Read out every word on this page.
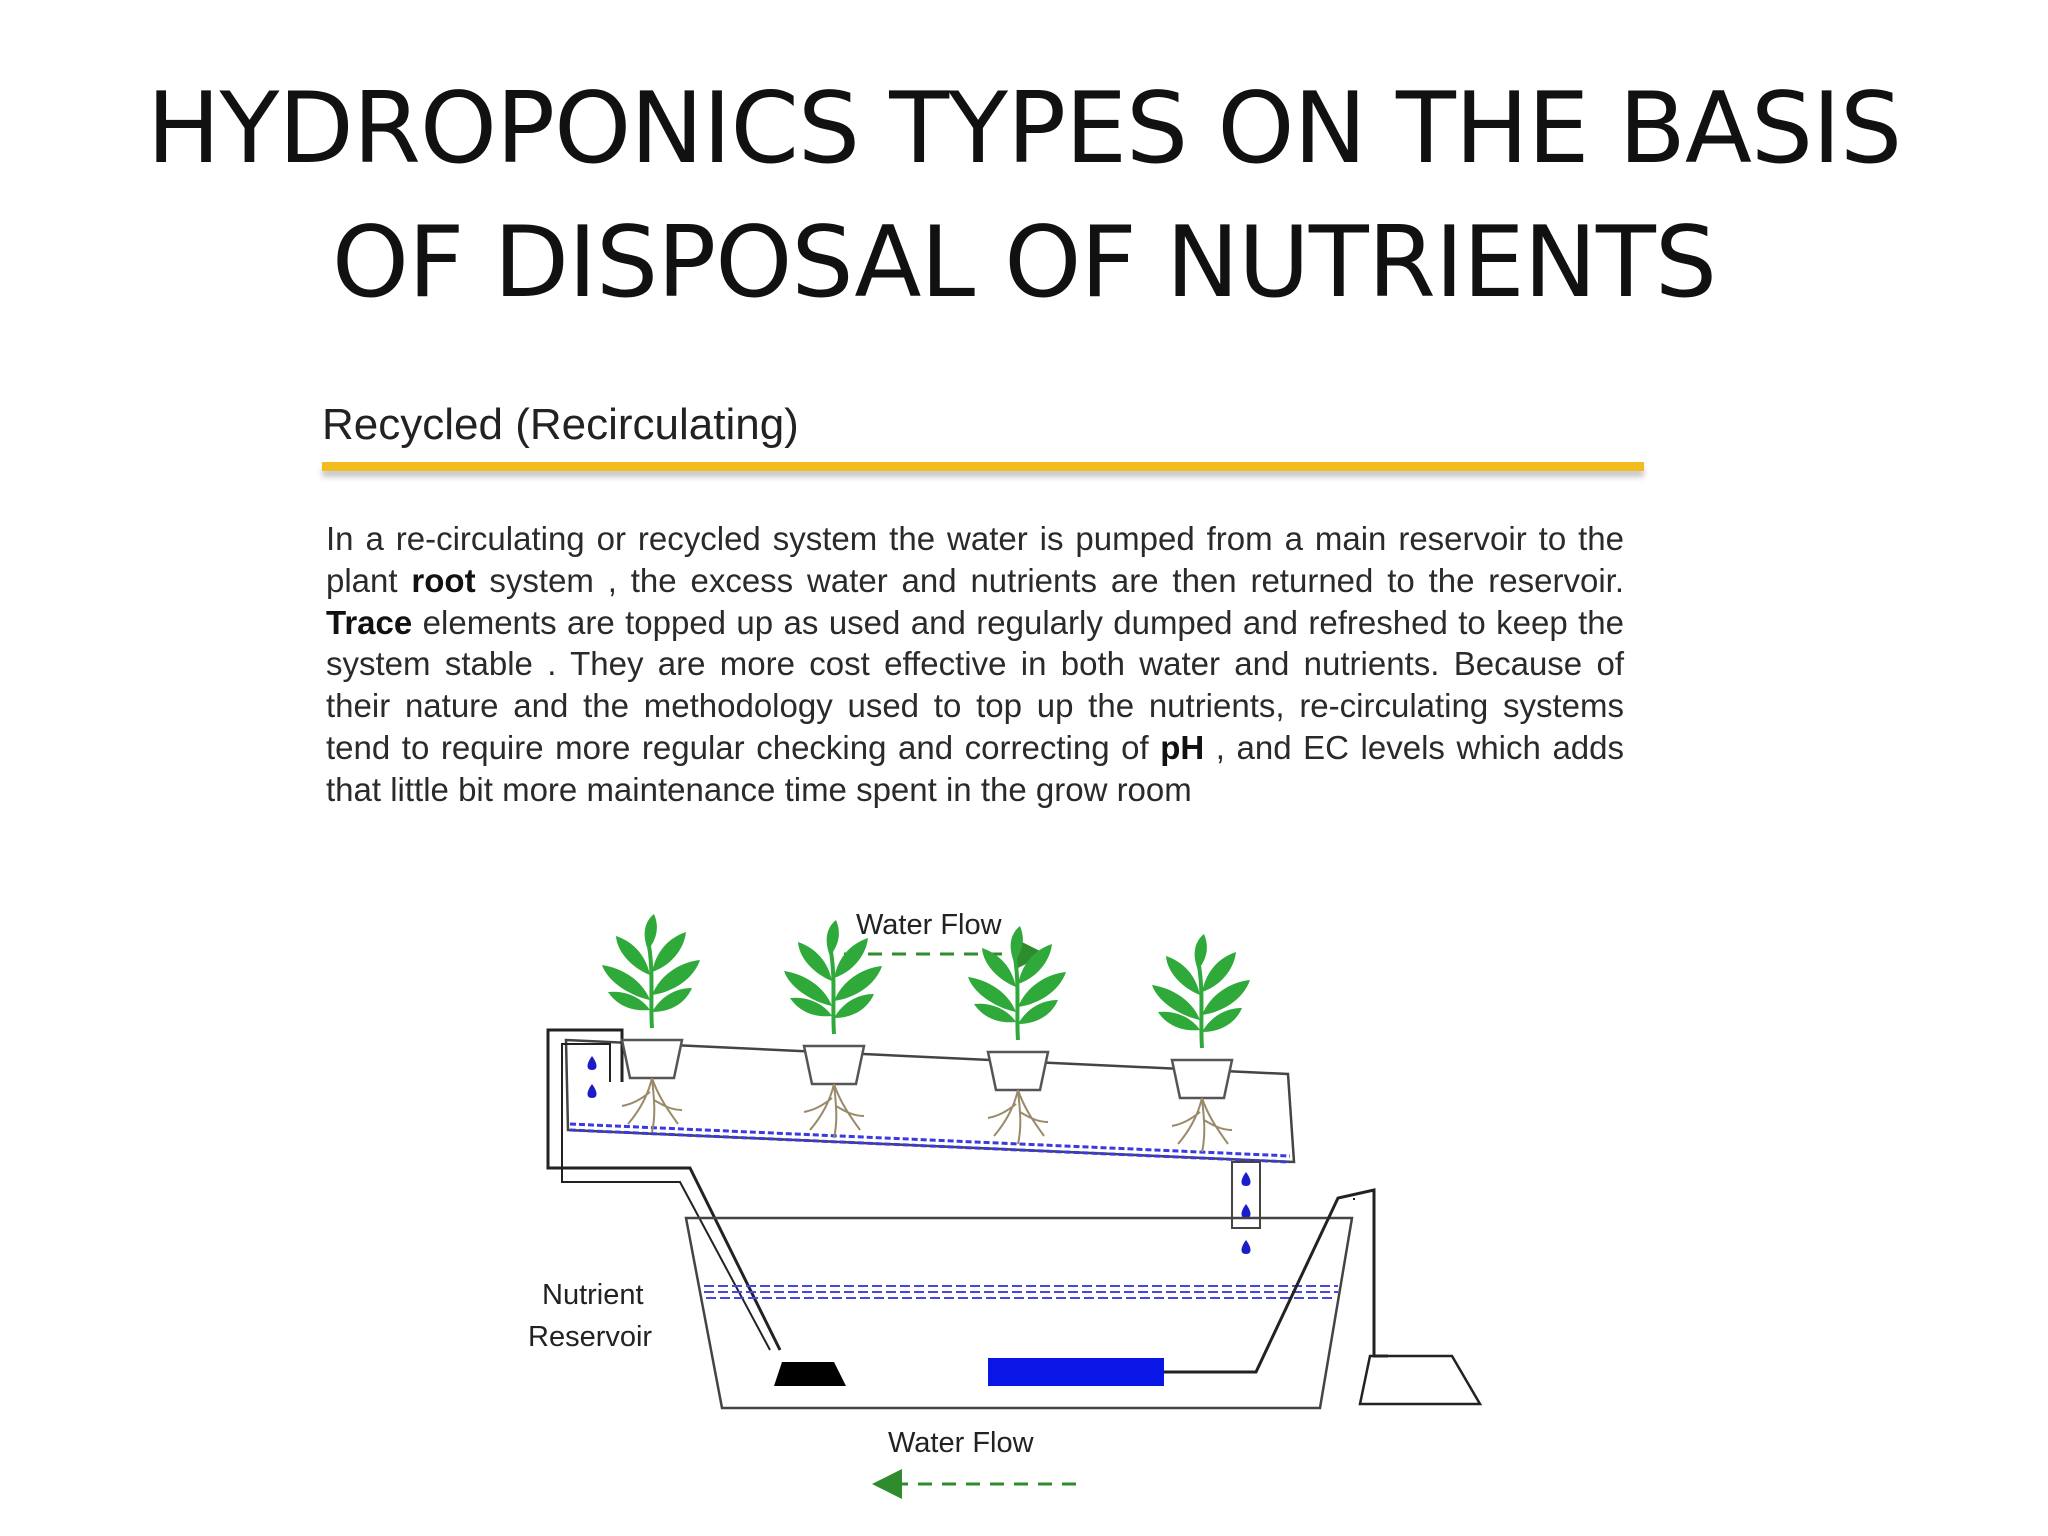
HYDROPONICS TYPES ON THE BASIS
OF DISPOSAL OF NUTRIENTS
Recycled (Recirculating)
In a re-circulating or recycled system the water is pumped from a main reservoir to the plant root system , the excess water and nutrients are then returned to the reservoir. Trace elements are topped up as used and regularly dumped and refreshed to keep the system stable . They are more cost effective in both water and nutrients. Because of their nature and the methodology used to top up the nutrients, re-circulating systems tend to require more regular checking and correcting of pH , and EC levels which adds that little bit more maintenance time spent in the grow room
Water Flow
Nutrient
Reservoir
Water Flow
